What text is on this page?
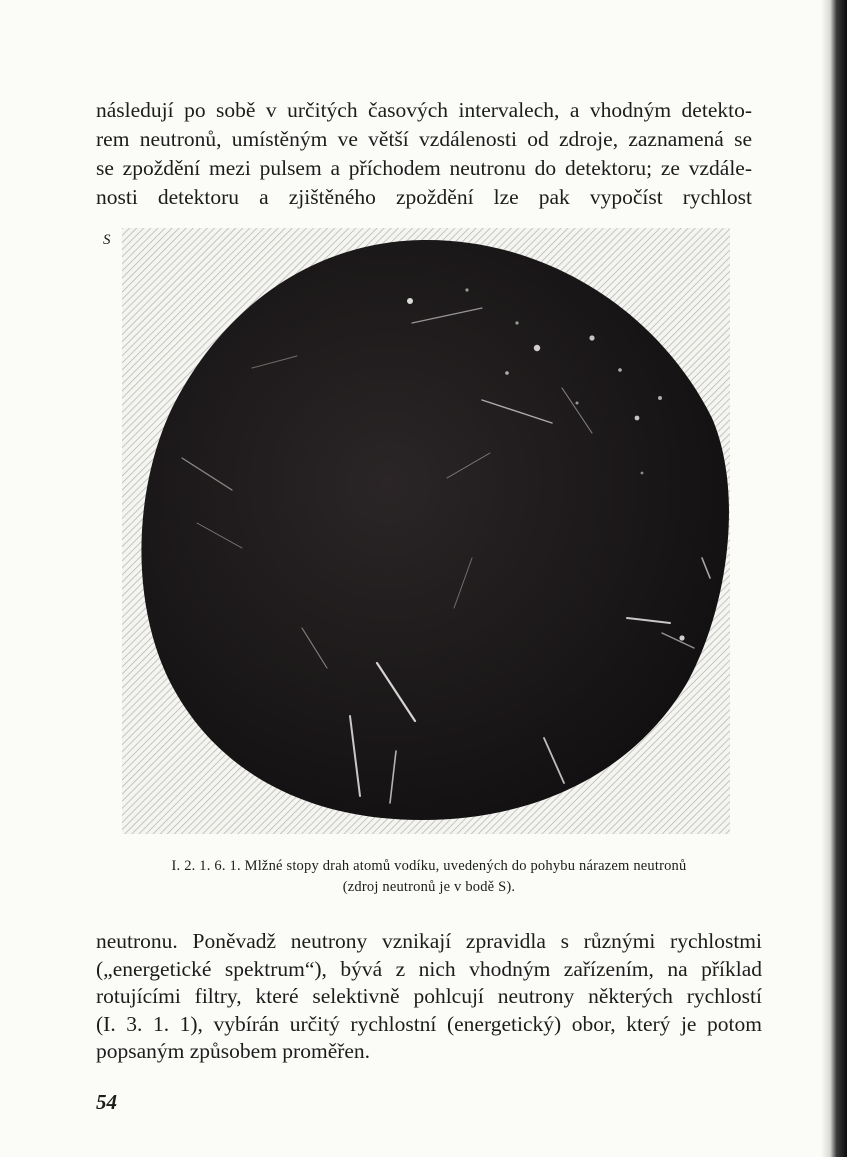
následují po sobě v určitých časových intervalech, a vhodným detekto-
rem neutronů, umístěným ve větší vzdálenosti od zdroje, zaznamená se
se zpoždění mezi pulsem a příchodem neutronu do detektoru; ze vzdále-
nosti detektoru a zjištěného zpoždění lze pak vypočíst rychlost

S

I. 2. 1. 6. 1. Mlžné stopy drah atomů vodíku, uvedených do pohybu nárazem neutronů
(zdroj neutronů je v bodě S).

neutronu. Poněvadž neutrony vznikají zpravidla s různými rychlostmi
(„energetické spektrum“), bývá z nich vhodným zařízením, na příklad
rotujícími filtry, které selektivně pohlcují neutrony některých rychlostí
(I. 3. 1. 1), vybírán určitý rychlostní (energetický) obor, který je potom
popsaným způsobem proměřen.

54
